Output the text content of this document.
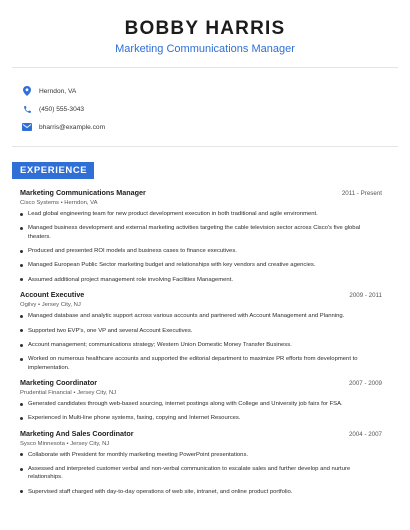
BOBBY HARRIS
Marketing Communications Manager
Herndon, VA
(450) 555-3043
bharris@example.com
EXPERIENCE
Marketing Communications Manager	2011 - Present
Cisco Systems • Herndon, VA
Lead global engineering team for new product development execution in both traditional and agile environment.
Managed business development and external marketing activities targeting the cable television sector across Cisco's five global theaters.
Produced and presented ROI models and business cases to finance executives.
Managed European Public Sector marketing budget and relationships with key vendors and creative agencies.
Assumed additional project management role involving Facilities Management.
Account Executive	2009 - 2011
Ogilvy • Jersey City, NJ
Managed database and analytic support across various accounts and partnered with Account Management and Planning.
Supported two EVP's, one VP and several Account Executives.
Account management; communications strategy; Western Union Domestic Money Transfer Business.
Worked on numerous healthcare accounts and supported the editorial department to maximize PR efforts from development to implementation.
Marketing Coordinator	2007 - 2009
Prudential Financial • Jersey City, NJ
Generated candidates through web-based sourcing, internet postings along with College and University job fairs for FSA.
Experienced in Multi-line phone systems, faxing, copying and Internet Resources.
Marketing And Sales Coordinator	2004 - 2007
Sysco Minnesota • Jersey City, NJ
Collaborate with President for monthly marketing meeting PowerPoint presentations.
Assessed and interpreted customer verbal and non-verbal communication to escalate sales and further develop and nurture relationships.
Supervised staff charged with day-to-day operations of web site, intranet, and online product portfolio.
